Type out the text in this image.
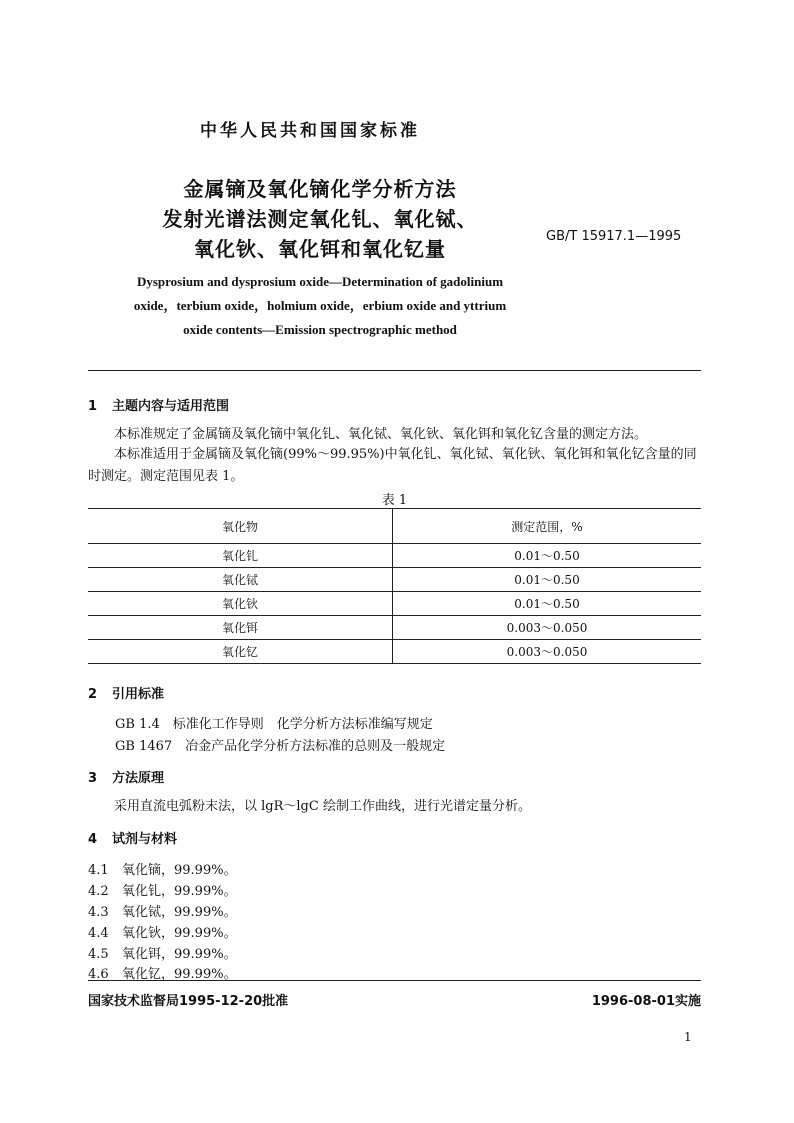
中华人民共和国国家标准
金属镝及氧化镝化学分析方法
发射光谱法测定氧化钆、氧化铽、
氧化钬、氧化铒和氧化钇量
GB/T 15917.1—1995
Dysprosium and dysprosium oxide—Determination of gadolinium
oxide，terbium oxide，holmium oxide，erbium oxide and yttrium
oxide contents—Emission spectrographic method
1 主题内容与适用范围
本标准规定了金属镝及氧化镝中氧化钆、氧化铽、氧化钬、氧化铒和氧化钇含量的测定方法。
本标准适用于金属镝及氧化镝(99%～99.95%)中氧化钆、氧化铽、氧化钬、氧化铒和氧化钇含量的同时测定。测定范围见表 1。
表 1
氧化物	测定范围，%
氧化钆	0.01～0.50
氧化铽	0.01～0.50
氧化钬	0.01～0.50
氧化铒	0.003～0.050
氧化钇	0.003～0.050
2 引用标准
GB 1.4　标准化工作导则　化学分析方法标准编写规定
GB 1467　冶金产品化学分析方法标准的总则及一般规定
3 方法原理
采用直流电弧粉末法，以 lgR～lgC 绘制工作曲线，进行光谱定量分析。
4 试剂与材料
4.1 氧化镝，99.99%。
4.2 氧化钆，99.99%。
4.3 氧化铽，99.99%。
4.4 氧化钬，99.99%。
4.5 氧化铒，99.99%。
4.6 氧化钇，99.99%。
国家技术监督局1995-12-20批准	1996-08-01实施
1
